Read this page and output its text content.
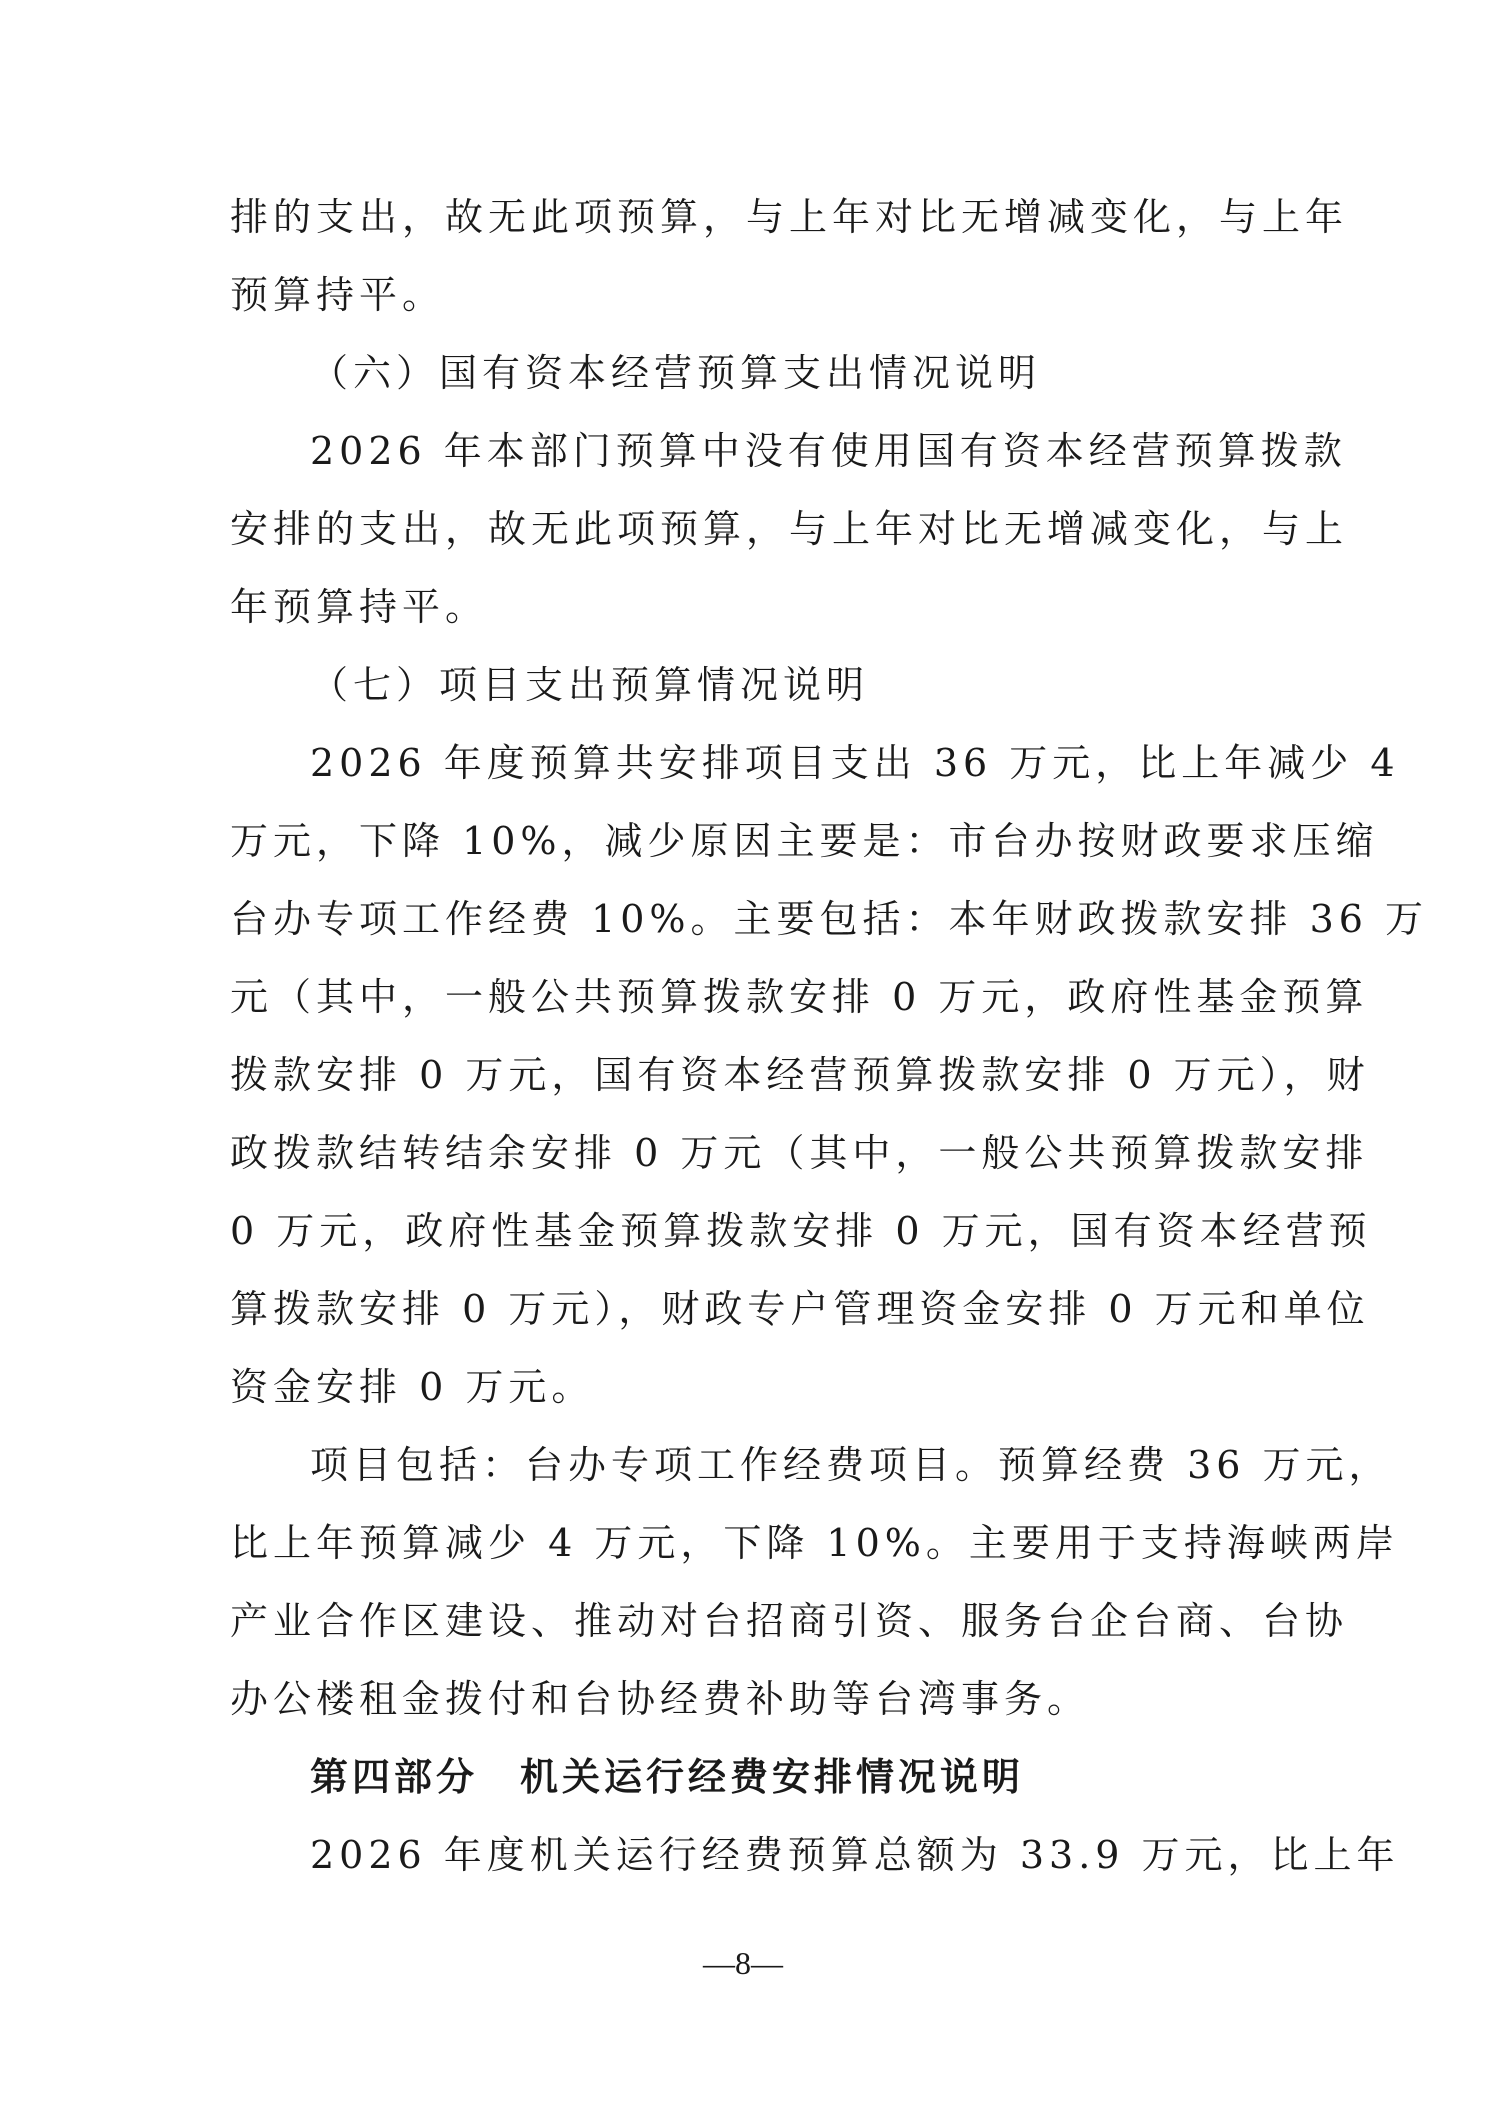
排的支出，故无此项预算，与上年对比无增减变化，与上年
预算持平。
（六）国有资本经营预算支出情况说明
2026 年本部门预算中没有使用国有资本经营预算拨款
安排的支出，故无此项预算，与上年对比无增减变化，与上
年预算持平。
（七）项目支出预算情况说明
2026 年度预算共安排项目支出 36 万元，比上年减少 4
万元，下降 10%，减少原因主要是：市台办按财政要求压缩
台办专项工作经费 10%。主要包括：本年财政拨款安排 36 万
元（其中，一般公共预算拨款安排 0 万元，政府性基金预算
拨款安排 0 万元，国有资本经营预算拨款安排 0 万元），财
政拨款结转结余安排 0 万元（其中，一般公共预算拨款安排
0 万元，政府性基金预算拨款安排 0 万元，国有资本经营预
算拨款安排 0 万元），财政专户管理资金安排 0 万元和单位
资金安排 0 万元。
项目包括：台办专项工作经费项目。预算经费 36 万元，
比上年预算减少 4 万元，下降 10%。主要用于支持海峡两岸
产业合作区建设、推动对台招商引资、服务台企台商、台协
办公楼租金拨付和台协经费补助等台湾事务。
第四部分　机关运行经费安排情况说明
2026 年度机关运行经费预算总额为 33.9 万元，比上年
—8—
